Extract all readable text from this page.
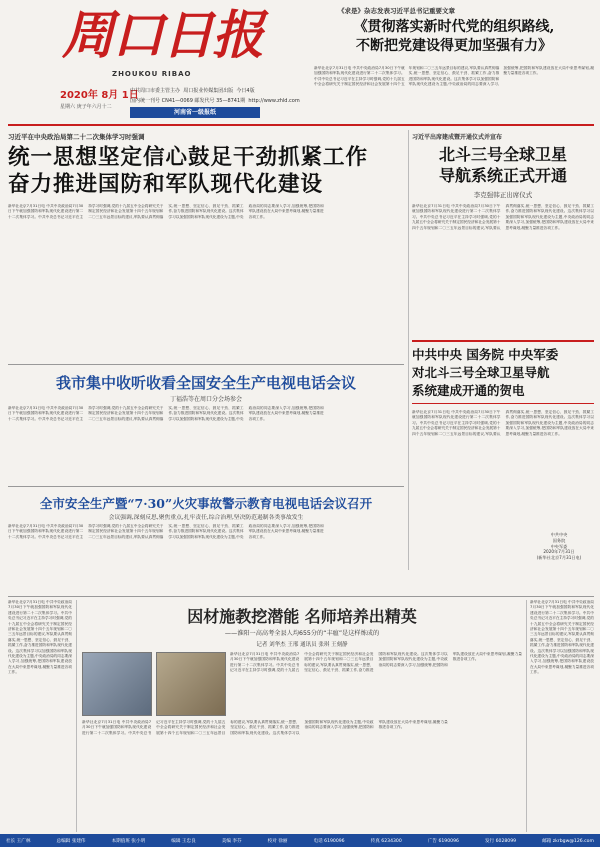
周口日报
ZHOUKOU RIBAO
2020年 8月 1日
星期六 庚子年六月十二
中共周口市委主管主办 周口报业传媒集团出版 今日4版
国内统一刊号 CN41—0069 邮发代号 35—8741期 http://www.zhld.com
河南省一级报纸
《求是》杂志发表习近平总书记重要文章
《贯彻落实新时代党的组织路线,
不断把党建设得更加坚强有力》
新华社北京7月31日电 中共中央政治局7月30日下午就加强国防和军队现代化建设进行第二十二次集体学习。中共中央总书记习近平在主持学习时强调,党的十九届五中全会将研究关于制定国民经济和社会发展第十四个五年规划和二〇三五年远景目标的建议,军队要认真贯彻落实,统一思想、坚定信心、鼓足干劲、抓紧工作,奋力推进国防和军队现代化建设。这次集体学习以加强国防和军队现代化建设为主题,中央政治局的同志要深入学习,加强统筹,把国防和军队建设放在大局中来思考谋划,凝聚力量推进各项工作。
习近平在中央政治局第二十二次集体学习时强调
统一思想坚定信心鼓足干劲抓紧工作
奋力推进国防和军队现代化建设
新华社北京7月31日电 中共中央政治局7月30日下午就加强国防和军队现代化建设进行第二十二次集体学习。中共中央总书记习近平在主持学习时强调,党的十九届五中全会将研究关于制定国民经济和社会发展第十四个五年规划和二〇三五年远景目标的建议,军队要认真贯彻落实,统一思想、坚定信心、鼓足干劲、抓紧工作,奋力推进国防和军队现代化建设。这次集体学习以加强国防和军队现代化建设为主题,中央政治局的同志要深入学习,加强统筹,把国防和军队建设放在大局中来思考谋划,凝聚力量推进各项工作。
习近平出席建成暨开通仪式并宣布
北斗三号全球卫星
导航系统正式开通
李克强韩正出席仪式
新华社北京7月31日电 中共中央政治局7月30日下午就加强国防和军队现代化建设进行第二十二次集体学习。中共中央总书记习近平在主持学习时强调,党的十九届五中全会将研究关于制定国民经济和社会发展第十四个五年规划和二〇三五年远景目标的建议,军队要认真贯彻落实,统一思想、坚定信心、鼓足干劲、抓紧工作,奋力推进国防和军队现代化建设。这次集体学习以加强国防和军队现代化建设为主题,中央政治局的同志要深入学习,加强统筹,把国防和军队建设放在大局中来思考谋划,凝聚力量推进各项工作。
中共中央 国务院 中央军委
对北斗三号全球卫星导航
系统建成开通的贺电
新华社北京7月31日电 中共中央政治局7月30日下午就加强国防和军队现代化建设进行第二十二次集体学习。中共中央总书记习近平在主持学习时强调,党的十九届五中全会将研究关于制定国民经济和社会发展第十四个五年规划和二〇三五年远景目标的建议,军队要认真贯彻落实,统一思想、坚定信心、鼓足干劲、抓紧工作,奋力推进国防和军队现代化建设。这次集体学习以加强国防和军队现代化建设为主题,中央政治局的同志要深入学习,加强统筹,把国防和军队建设放在大局中来思考谋划,凝聚力量推进各项工作。
中共中央
国务院
中央军委
2020年7月31日
(新华社北京7月31日电)
我市集中收听收看全国安全生产电视电话会议
丁福浩等在周口分会场参会
新华社北京7月31日电 中共中央政治局7月30日下午就加强国防和军队现代化建设进行第二十二次集体学习。中共中央总书记习近平在主持学习时强调,党的十九届五中全会将研究关于制定国民经济和社会发展第十四个五年规划和二〇三五年远景目标的建议,军队要认真贯彻落实,统一思想、坚定信心、鼓足干劲、抓紧工作,奋力推进国防和军队现代化建设。这次集体学习以加强国防和军队现代化建设为主题,中央政治局的同志要深入学习,加强统筹,把国防和军队建设放在大局中来思考谋划,凝聚力量推进各项工作。
全市安全生产暨“7·30”火灾事故警示教育电视电话会议召开
会议强调,深刻反思,聚焦重点,扎牢责任,综合治理,坚决防范遏制各类事故发生
新华社北京7月31日电 中共中央政治局7月30日下午就加强国防和军队现代化建设进行第二十二次集体学习。中共中央总书记习近平在主持学习时强调,党的十九届五中全会将研究关于制定国民经济和社会发展第十四个五年规划和二〇三五年远景目标的建议,军队要认真贯彻落实,统一思想、坚定信心、鼓足干劲、抓紧工作,奋力推进国防和军队现代化建设。这次集体学习以加强国防和军队现代化建设为主题,中央政治局的同志要深入学习,加强统筹,把国防和军队建设放在大局中来思考谋划,凝聚力量推进各项工作。
新华社北京7月31日电 中共中央政治局7月30日下午就加强国防和军队现代化建设进行第二十二次集体学习。中共中央总书记习近平在主持学习时强调,党的十九届五中全会将研究关于制定国民经济和社会发展第十四个五年规划和二〇三五年远景目标的建议,军队要认真贯彻落实,统一思想、坚定信心、鼓足干劲、抓紧工作,奋力推进国防和军队现代化建设。这次集体学习以加强国防和军队现代化建设为主题,中央政治局的同志要深入学习,加强统筹,把国防和军队建设放在大局中来思考谋划,凝聚力量推进各项工作。
因材施教挖潜能 名师培养出精英
——淮阳一高高考全县人均655分的“丰瘟”是这样炼成的
记者 刘华杰 王邢 通讯员 张琪 王刻静
新华社北京7月31日电 中共中央政治局7月30日下午就加强国防和军队现代化建设进行第二十二次集体学习。中共中央总书记习近平在主持学习时强调,党的十九届五中全会将研究关于制定国民经济和社会发展第十四个五年规划和二〇三五年远景目标的建议,军队要认真贯彻落实,统一思想、坚定信心、鼓足干劲、抓紧工作,奋力推进国防和军队现代化建设。这次集体学习以加强国防和军队现代化建设为主题,中央政治局的同志要深入学习,加强统筹,把国防和军队建设放在大局中来思考谋划,凝聚力量推进各项工作。
新华社北京7月31日电 中共中央政治局7月30日下午就加强国防和军队现代化建设进行第二十二次集体学习。中共中央总书记习近平在主持学习时强调,党的十九届五中全会将研究关于制定国民经济和社会发展第十四个五年规划和二〇三五年远景目标的建议,军队要认真贯彻落实,统一思想、坚定信心、鼓足干劲、抓紧工作,奋力推进国防和军队现代化建设。这次集体学习以加强国防和军队现代化建设为主题,中央政治局的同志要深入学习,加强统筹,把国防和军队建设放在大局中来思考谋划,凝聚力量推进各项工作。
新华社北京7月31日电 中共中央政治局7月30日下午就加强国防和军队现代化建设进行第二十二次集体学习。中共中央总书记习近平在主持学习时强调,党的十九届五中全会将研究关于制定国民经济和社会发展第十四个五年规划和二〇三五年远景目标的建议,军队要认真贯彻落实,统一思想、坚定信心、鼓足干劲、抓紧工作,奋力推进国防和军队现代化建设。这次集体学习以加强国防和军队现代化建设为主题,中央政治局的同志要深入学习,加强统筹,把国防和军队建设放在大局中来思考谋划,凝聚力量推进各项工作。
社长 王广林	总编辑 张建伟	本期值班 张小明	编辑 王忠良	美编 李芬	校对 徐丽	电话 6190096	传真 6234300	广告 6190096	发行 6028099	邮箱 zkrbgw@126.com
